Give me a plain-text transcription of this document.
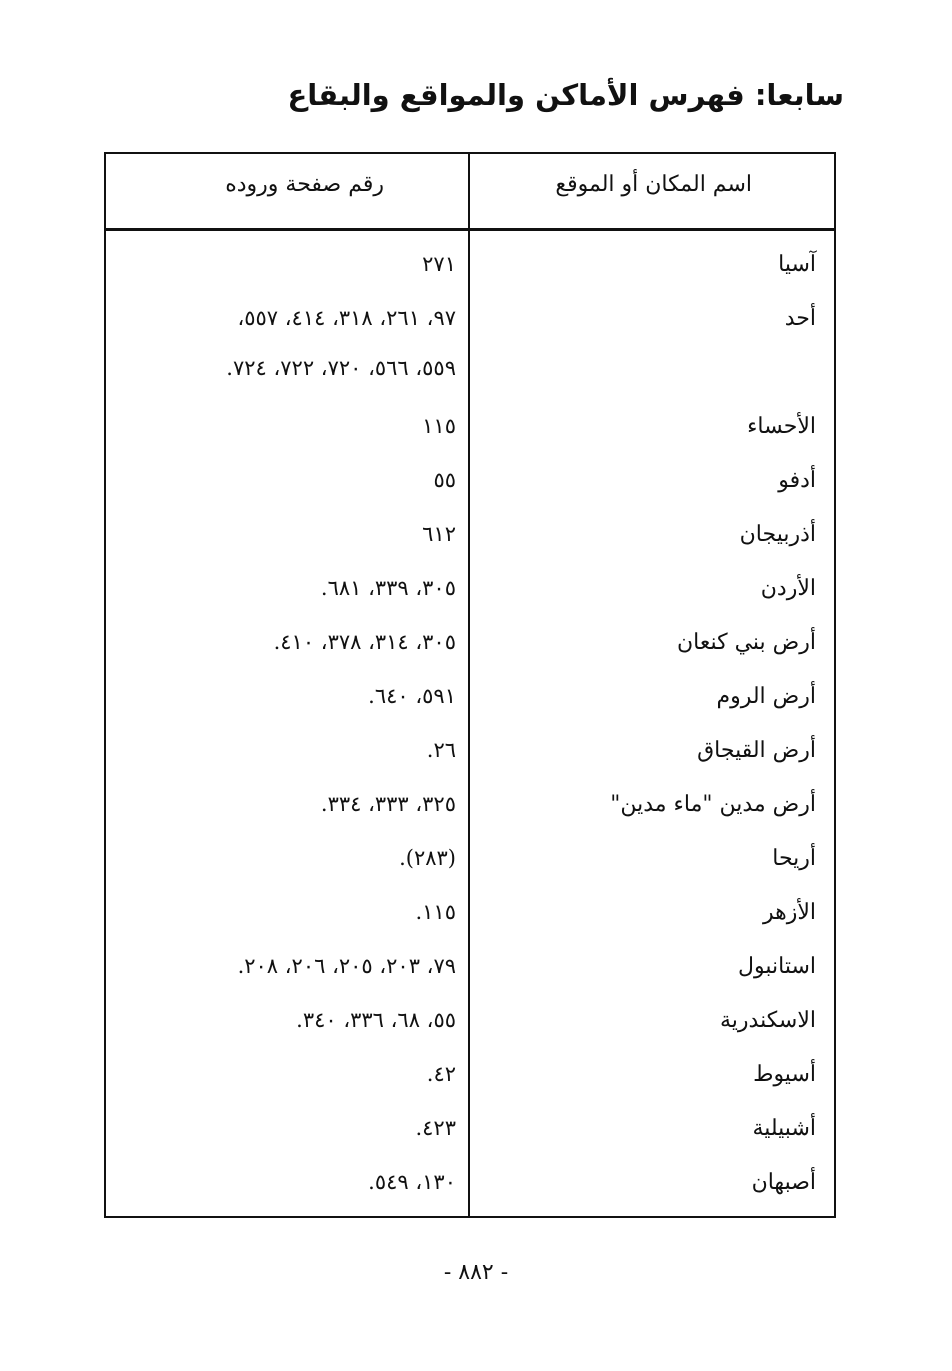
سابعا: فهرس الأماكن والمواقع والبقاع
اسم المكان أو الموقع
رقم صفحة وروده
آسيا
٢٧١
أحد
٩٧، ٢٦١، ٣١٨، ٤١٤، ٥٥٧،
٥٥٩، ٥٦٦، ٧٢٠، ٧٢٢، ٧٢٤.
الأحساء
١١٥
أدفو
٥٥
أذربيجان
٦١٢
الأردن
٣٠٥، ٣٣٩، ٦٨١.
أرض بني كنعان
٣٠٥، ٣١٤، ٣٧٨، ٤١٠.
أرض الروم
٥٩١، ٦٤٠.
أرض القيجاق
٢٦.
أرض مدين "ماء مدين"
٣٢٥، ٣٣٣، ٣٣٤.
أريحا
(٢٨٣).
الأزهر
١١٥.
استانبول
٧٩، ٢٠٣، ٢٠٥، ٢٠٦، ٢٠٨.
الاسكندرية
٥٥، ٦٨، ٣٣٦، ٣٤٠.
أسيوط
٤٢.
أشبيلية
٤٢٣.
أصبهان
١٣٠، ٥٤٩.
- ٨٨٢ -
